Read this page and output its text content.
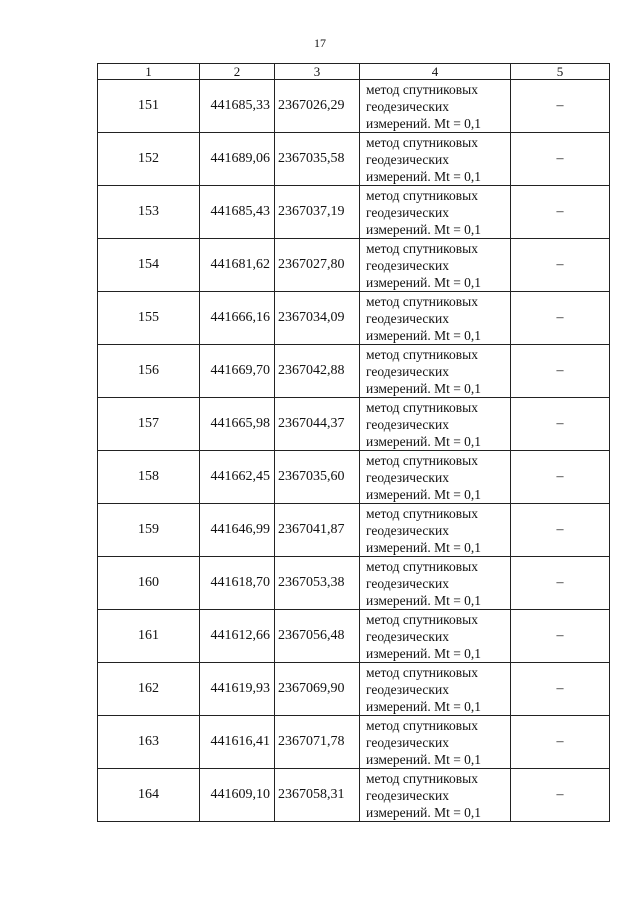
17
1	2	3	4	5
151	441685,33	2367026,29	метод спутниковых
геодезических
измерений. Mt = 0,1	–
152	441689,06	2367035,58	метод спутниковых
геодезических
измерений. Mt = 0,1	–
153	441685,43	2367037,19	метод спутниковых
геодезических
измерений. Mt = 0,1	–
154	441681,62	2367027,80	метод спутниковых
геодезических
измерений. Mt = 0,1	–
155	441666,16	2367034,09	метод спутниковых
геодезических
измерений. Mt = 0,1	–
156	441669,70	2367042,88	метод спутниковых
геодезических
измерений. Mt = 0,1	–
157	441665,98	2367044,37	метод спутниковых
геодезических
измерений. Mt = 0,1	–
158	441662,45	2367035,60	метод спутниковых
геодезических
измерений. Mt = 0,1	–
159	441646,99	2367041,87	метод спутниковых
геодезических
измерений. Mt = 0,1	–
160	441618,70	2367053,38	метод спутниковых
геодезических
измерений. Mt = 0,1	–
161	441612,66	2367056,48	метод спутниковых
геодезических
измерений. Mt = 0,1	–
162	441619,93	2367069,90	метод спутниковых
геодезических
измерений. Mt = 0,1	–
163	441616,41	2367071,78	метод спутниковых
геодезических
измерений. Mt = 0,1	–
164	441609,10	2367058,31	метод спутниковых
геодезических
измерений. Mt = 0,1	–
